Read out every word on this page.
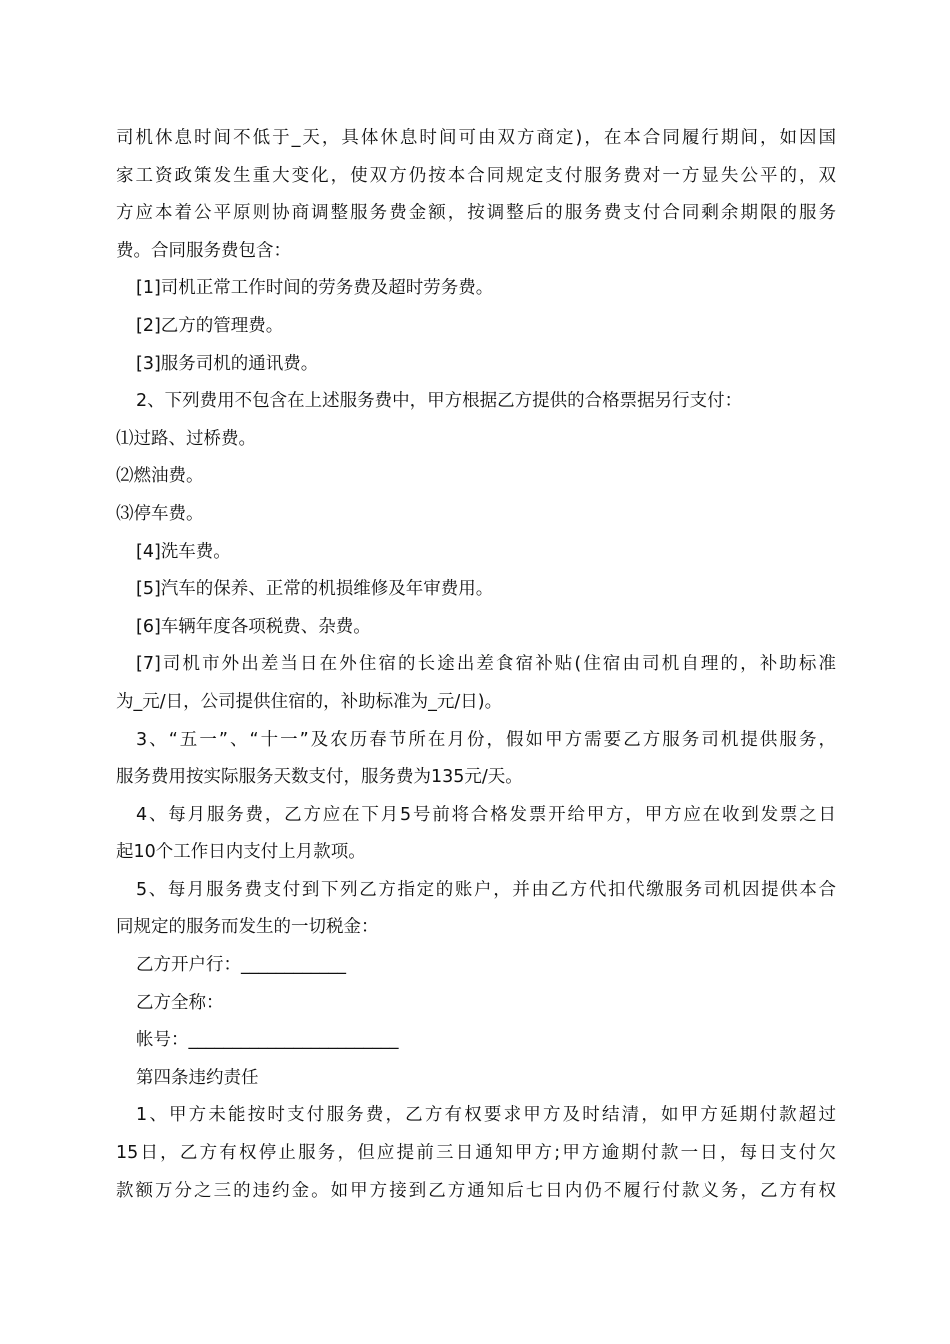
司机休息时间不低于_天，具体休息时间可由双方商定)，在本合同履行期间，如因国

家工资政策发生重大变化，使双方仍按本合同规定支付服务费对一方显失公平的，双

方应本着公平原则协商调整服务费金额，按调整后的服务费支付合同剩余期限的服务

费。合同服务费包含：

[1]司机正常工作时间的劳务费及超时劳务费。

[2]乙方的管理费。

[3]服务司机的通讯费。

2、下列费用不包含在上述服务费中，甲方根据乙方提供的合格票据另行支付：

⑴过路、过桥费。

⑵燃油费。

⑶停车费。

[4]洗车费。

[5]汽车的保养、正常的机损维修及年审费用。

[6]车辆年度各项税费、杂费。

[7]司机市外出差当日在外住宿的长途出差食宿补贴(住宿由司机自理的，补助标准

为_元/日，公司提供住宿的，补助标准为_元/日)。

3、“五一”、“十一”及农历春节所在月份，假如甲方需要乙方服务司机提供服务，

服务费用按实际服务天数支付，服务费为135元/天。

4、每月服务费，乙方应在下月5号前将合格发票开给甲方，甲方应在收到发票之日

起10个工作日内支付上月款项。

5、每月服务费支付到下列乙方指定的账户，并由乙方代扣代缴服务司机因提供本合

同规定的服务而发生的一切税金：

乙方开户行：____________

乙方全称：

帐号：________________________

第四条违约责任

1、甲方未能按时支付服务费，乙方有权要求甲方及时结清，如甲方延期付款超过

15日，乙方有权停止服务，但应提前三日通知甲方;甲方逾期付款一日，每日支付欠

款额万分之三的违约金。如甲方接到乙方通知后七日内仍不履行付款义务，乙方有权
